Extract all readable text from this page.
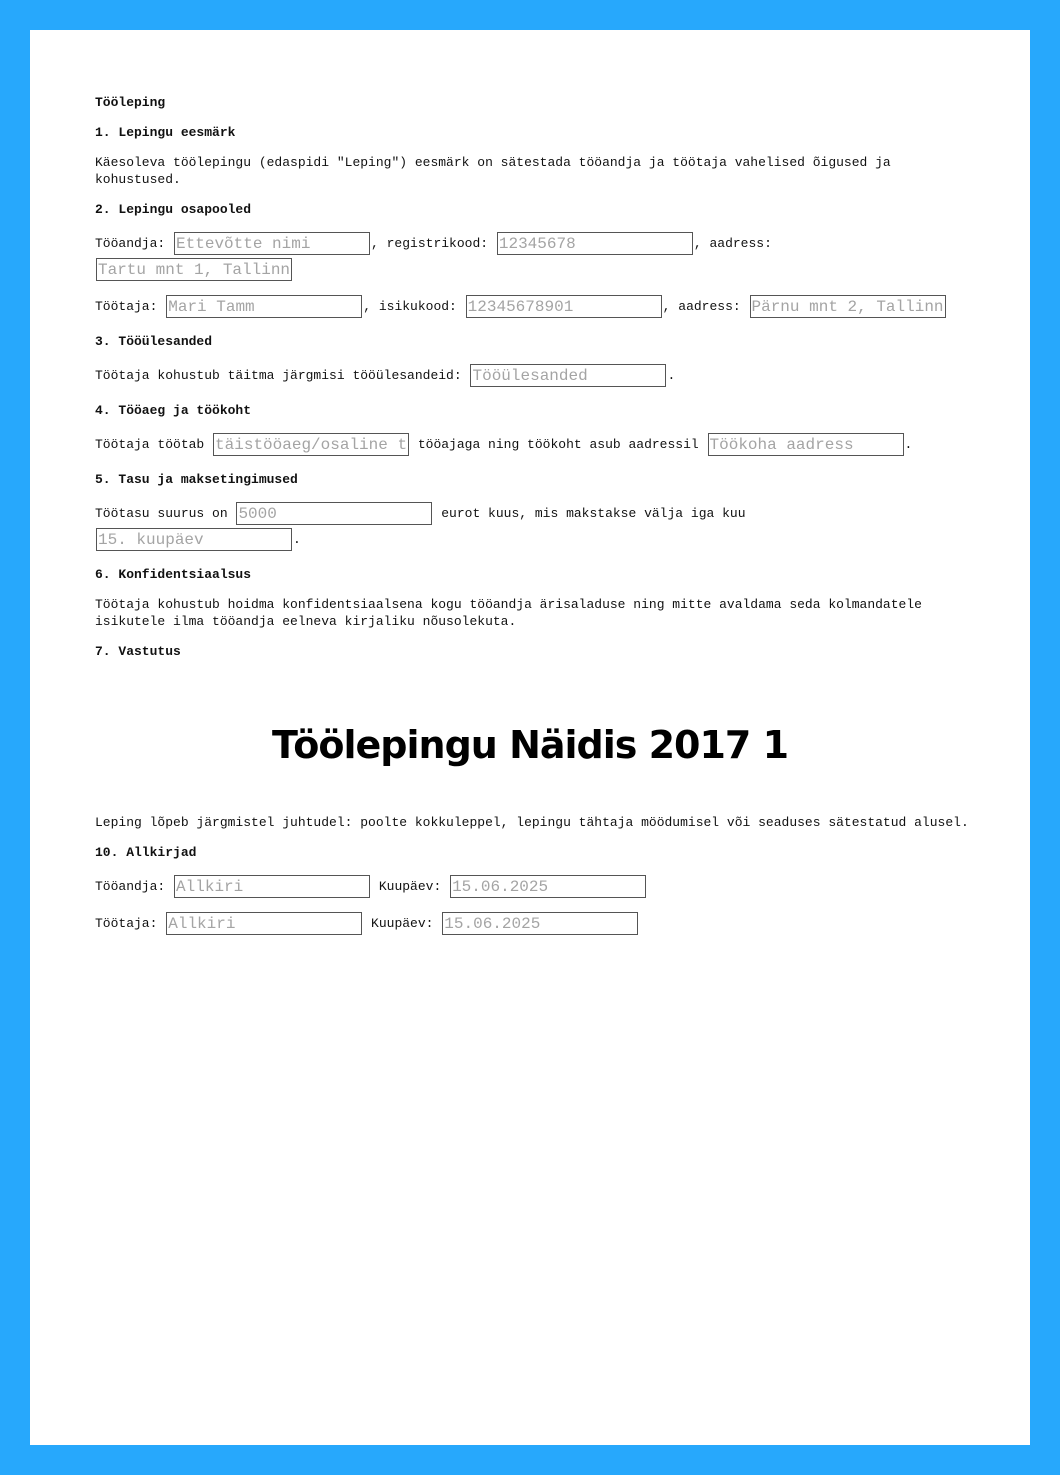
Tööleping
1. Lepingu eesmärk
Käesoleva töölepingu (edaspidi "Leping") eesmärk on sätestada tööandja ja töötaja vahelised õigused ja kohustused.
2. Lepingu osapooled
Tööandja: Ettevõtte nimi	, registrikood: 12345678	, aadress: Tartu mnt 1, Tallinn
Töötaja: Mari Tamm	, isikukood: 12345678901	, aadress: Pärnu mnt 2, Tallinn
3. Tööülesanded
Töötaja kohustub täitma järgmisi tööülesandeid: Tööülesanded	.
4. Tööaeg ja töökoht
Töötaja töötab täistööaeg/osaline tööaeg	tööajaga ning töökoht asub aadressil Töökoha aadress	.
5. Tasu ja maksetingimused
Töötasu suurus on 5000	eurot kuus, mis makstakse välja iga kuu
15. kuupäev.
6. Konfidentsiaalsus
Töötaja kohustub hoidma konfidentsiaalsena kogu tööandja ärisaladuse ning mitte avaldama seda kolmandatele isikutele ilma tööandja eelneva kirjaliku nõusolekuta.
7. Vastutus
Töölepingu Näidis 2017 1
Leping lõpeb järgmistel juhtudel: poolte kokkuleppel, lepingu tähtaja möödumisel või seaduses sätestatud alusel.
10. Allkirjad
Tööandja: Allkiri	Kuupäev: 15.06.2025
Töötaja: Allkiri	Kuupäev: 15.06.2025
